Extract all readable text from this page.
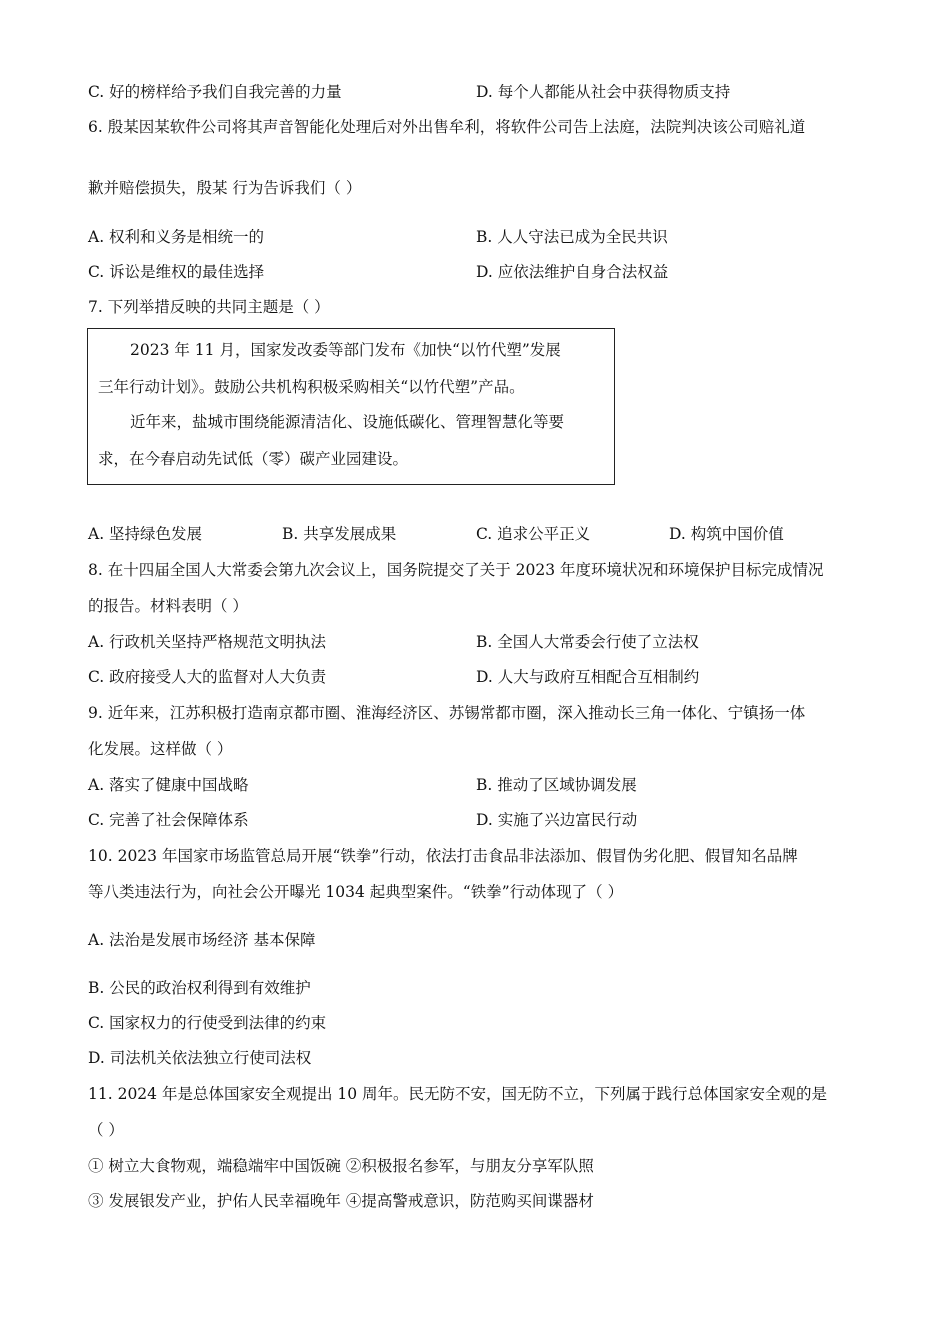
C. 好的榜样给予我们自我完善的力量	D. 每个人都能从社会中获得物质支持
6. 殷某因某软件公司将其声音智能化处理后对外出售牟利，将软件公司告上法庭，法院判决该公司赔礼道
歉并赔偿损失，殷某 行为告诉我们（ ）
A. 权利和义务是相统一的	B. 人人守法已成为全民共识
C. 诉讼是维权的最佳选择	D. 应依法维护自身合法权益
7. 下列举措反映的共同主题是（ ）
2023 年 11 月，国家发改委等部门发布《加快“以竹代塑”发展
三年行动计划》。鼓励公共机构积极采购相关“以竹代塑”产品。
近年来，盐城市围绕能源清洁化、设施低碳化、管理智慧化等要
求，在今春启动先试低（零）碳产业园建设。
A. 坚持绿色发展	B. 共享发展成果	C. 追求公平正义	D. 构筑中国价值
8. 在十四届全国人大常委会第九次会议上，国务院提交了关于 2023 年度环境状况和环境保护目标完成情况
的报告。材料表明（ ）
A. 行政机关坚持严格规范文明执法	B. 全国人大常委会行使了立法权
C. 政府接受人大的监督对人大负责	D. 人大与政府互相配合互相制约
9. 近年来，江苏积极打造南京都市圈、淮海经济区、苏锡常都市圈，深入推动长三角一体化、宁镇扬一体
化发展。这样做（ ）
A. 落实了健康中国战略	B. 推动了区域协调发展
C. 完善了社会保障体系	D. 实施了兴边富民行动
10. 2023 年国家市场监管总局开展“铁拳”行动，依法打击食品非法添加、假冒伪劣化肥、假冒知名品牌
等八类违法行为，向社会公开曝光 1034 起典型案件。“铁拳”行动体现了（ ）
A. 法治是发展市场经济 基本保障
B. 公民的政治权利得到有效维护
C. 国家权力的行使受到法律的约束
D. 司法机关依法独立行使司法权
11. 2024 年是总体国家安全观提出 10 周年。民无防不安，国无防不立，下列属于践行总体国家安全观的是
（ ）
① 树立大食物观，端稳端牢中国饭碗 ②积极报名参军，与朋友分享军队照
③ 发展银发产业，护佑人民幸福晚年 ④提高警戒意识，防范购买间谍器材
